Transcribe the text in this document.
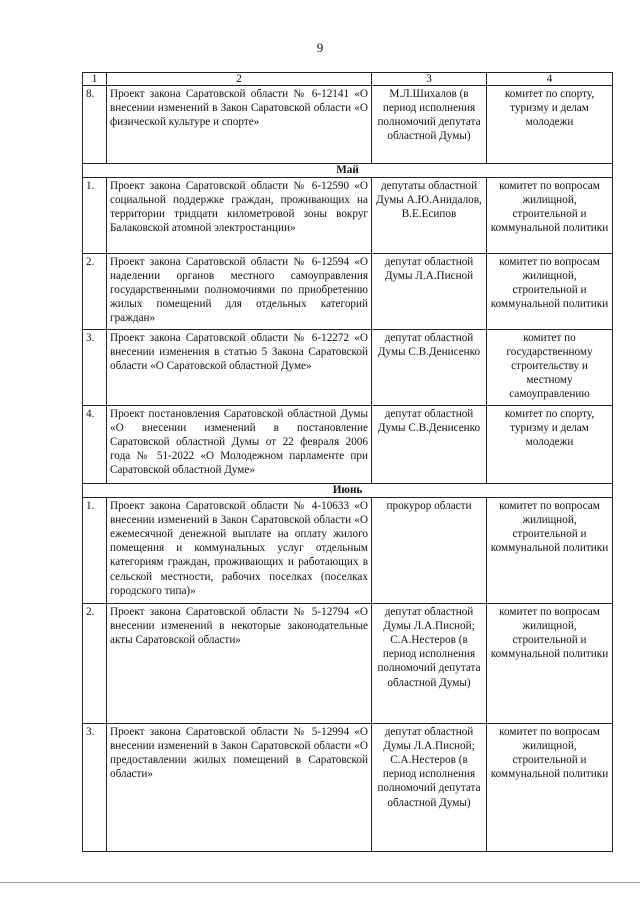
9
1	2	3	4
8.	Проект закона Саратовской области № 6-12141 «О внесении изменений в Закон Саратовской области «О физической культуре и спорте»	М.Л.Шихалов (в период исполнения полномочий депутата областной Думы)	комитет по спорту, туризму и делам молодежи
Май			
1.	Проект закона Саратовской области № 6-12590 «О социальной поддержке граждан, проживающих на территории тридцати километровой зоны вокруг Балаковской атомной электростанции»	депутаты областной Думы А.Ю.Анидалов, В.Е.Есипов	комитет по вопросам жилищной, строительной и коммунальной политики
2.	Проект закона Саратовской области № 6-12594 «О наделении органов местного самоуправления государственными полномочиями по приобретению жилых помещений для отдельных категорий граждан»	депутат областной Думы Л.А.Писной	комитет по вопросам жилищной, строительной и коммунальной политики
3.	Проект закона Саратовской области № 6-12272 «О внесении изменения в статью 5 Закона Саратовской области «О Саратовской областной Думе»	депутат областной Думы С.В.Денисенко	комитет по государственному строительству и местному самоуправлению
4.	Проект постановления Саратовской областной Думы «О внесении изменений в постановление Саратовской областной Думы от 22 февраля 2006 года № 51-2022 «О Молодежном парламенте при Саратовской областной Думе»	депутат областной Думы С.В.Денисенко	комитет по спорту, туризму и делам молодежи
Июнь			
1.	Проект закона Саратовской области № 4-10633 «О внесении изменений в Закон Саратовской области «О ежемесячной денежной выплате на оплату жилого помещения и коммунальных услуг отдельным категориям граждан, проживающих и работающих в сельской местности, рабочих поселках (поселках городского типа)»	прокурор области	комитет по вопросам жилищной, строительной и коммунальной политики
2.	Проект закона Саратовской области № 5-12794 «О внесении изменений в некоторые законодательные акты Саратовской области»	депутат областной Думы Л.А.Писной; С.А.Нестеров (в период исполнения полномочий депутата областной Думы)	комитет по вопросам жилищной, строительной и коммунальной политики
3.	Проект закона Саратовской области № 5-12994 «О внесении изменений в Закон Саратовской области «О предоставлении жилых помещений в Саратовской области»	депутат областной Думы Л.А.Писной; С.А.Нестеров (в период исполнения полномочий депутата областной Думы)	комитет по вопросам жилищной, строительной и коммунальной политики
